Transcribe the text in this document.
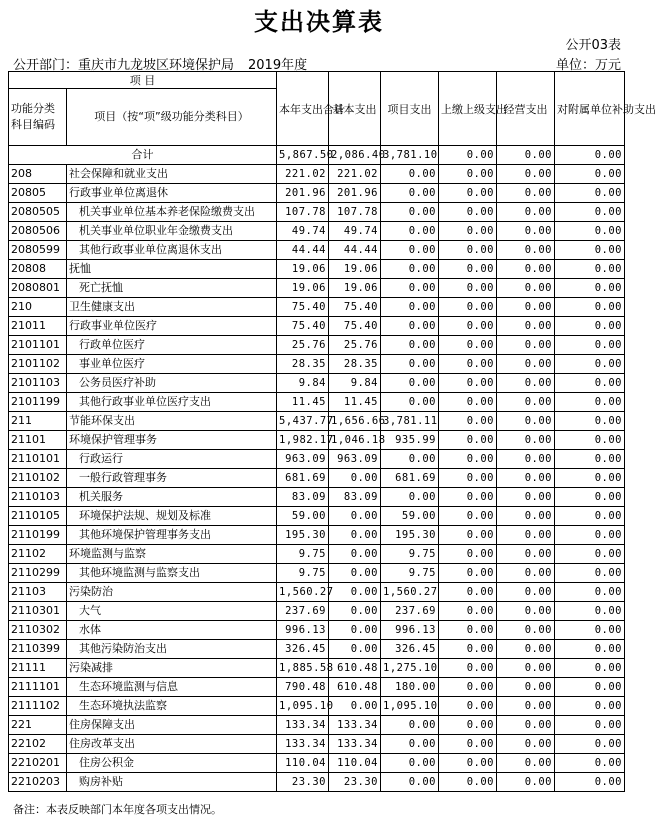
支出决算表
公开03表
公开部门：重庆市九龙坡区环境保护局 2019年度	单位：万元
项 目		本年支出合计	基本支出	项目支出	上缴上级支出	经营支出	对附属单位补助支出
功能分类科目编码	项目（按“项”级功能分类科目）						
合计		5,867.50	2,086.40	3,781.10	0.00	0.00	0.00
208	社会保障和就业支出	221.02	221.02	0.00	0.00	0.00	0.00
20805	行政事业单位离退休	201.96	201.96	0.00	0.00	0.00	0.00
2080505	机关事业单位基本养老保险缴费支出	107.78	107.78	0.00	0.00	0.00	0.00
2080506	机关事业单位职业年金缴费支出	49.74	49.74	0.00	0.00	0.00	0.00
2080599	其他行政事业单位离退休支出	44.44	44.44	0.00	0.00	0.00	0.00
20808	抚恤	19.06	19.06	0.00	0.00	0.00	0.00
2080801	死亡抚恤	19.06	19.06	0.00	0.00	0.00	0.00
210	卫生健康支出	75.40	75.40	0.00	0.00	0.00	0.00
21011	行政事业单位医疗	75.40	75.40	0.00	0.00	0.00	0.00
2101101	行政单位医疗	25.76	25.76	0.00	0.00	0.00	0.00
2101102	事业单位医疗	28.35	28.35	0.00	0.00	0.00	0.00
2101103	公务员医疗补助	9.84	9.84	0.00	0.00	0.00	0.00
2101199	其他行政事业单位医疗支出	11.45	11.45	0.00	0.00	0.00	0.00
211	节能环保支出	5,437.77	1,656.66	3,781.11	0.00	0.00	0.00
21101	环境保护管理事务	1,982.17	1,046.18	935.99	0.00	0.00	0.00
2110101	行政运行	963.09	963.09	0.00	0.00	0.00	0.00
2110102	一般行政管理事务	681.69	0.00	681.69	0.00	0.00	0.00
2110103	机关服务	83.09	83.09	0.00	0.00	0.00	0.00
2110105	环境保护法规、规划及标准	59.00	0.00	59.00	0.00	0.00	0.00
2110199	其他环境保护管理事务支出	195.30	0.00	195.30	0.00	0.00	0.00
21102	环境监测与监察	9.75	0.00	9.75	0.00	0.00	0.00
2110299	其他环境监测与监察支出	9.75	0.00	9.75	0.00	0.00	0.00
21103	污染防治	1,560.27	0.00	1,560.27	0.00	0.00	0.00
2110301	大气	237.69	0.00	237.69	0.00	0.00	0.00
2110302	水体	996.13	0.00	996.13	0.00	0.00	0.00
2110399	其他污染防治支出	326.45	0.00	326.45	0.00	0.00	0.00
21111	污染减排	1,885.58	610.48	1,275.10	0.00	0.00	0.00
2111101	生态环境监测与信息	790.48	610.48	180.00	0.00	0.00	0.00
2111102	生态环境执法监察	1,095.10	0.00	1,095.10	0.00	0.00	0.00
221	住房保障支出	133.34	133.34	0.00	0.00	0.00	0.00
22102	住房改革支出	133.34	133.34	0.00	0.00	0.00	0.00
2210201	住房公积金	110.04	110.04	0.00	0.00	0.00	0.00
2210203	购房补贴	23.30	23.30	0.00	0.00	0.00	0.00
备注：本表反映部门本年度各项支出情况。
